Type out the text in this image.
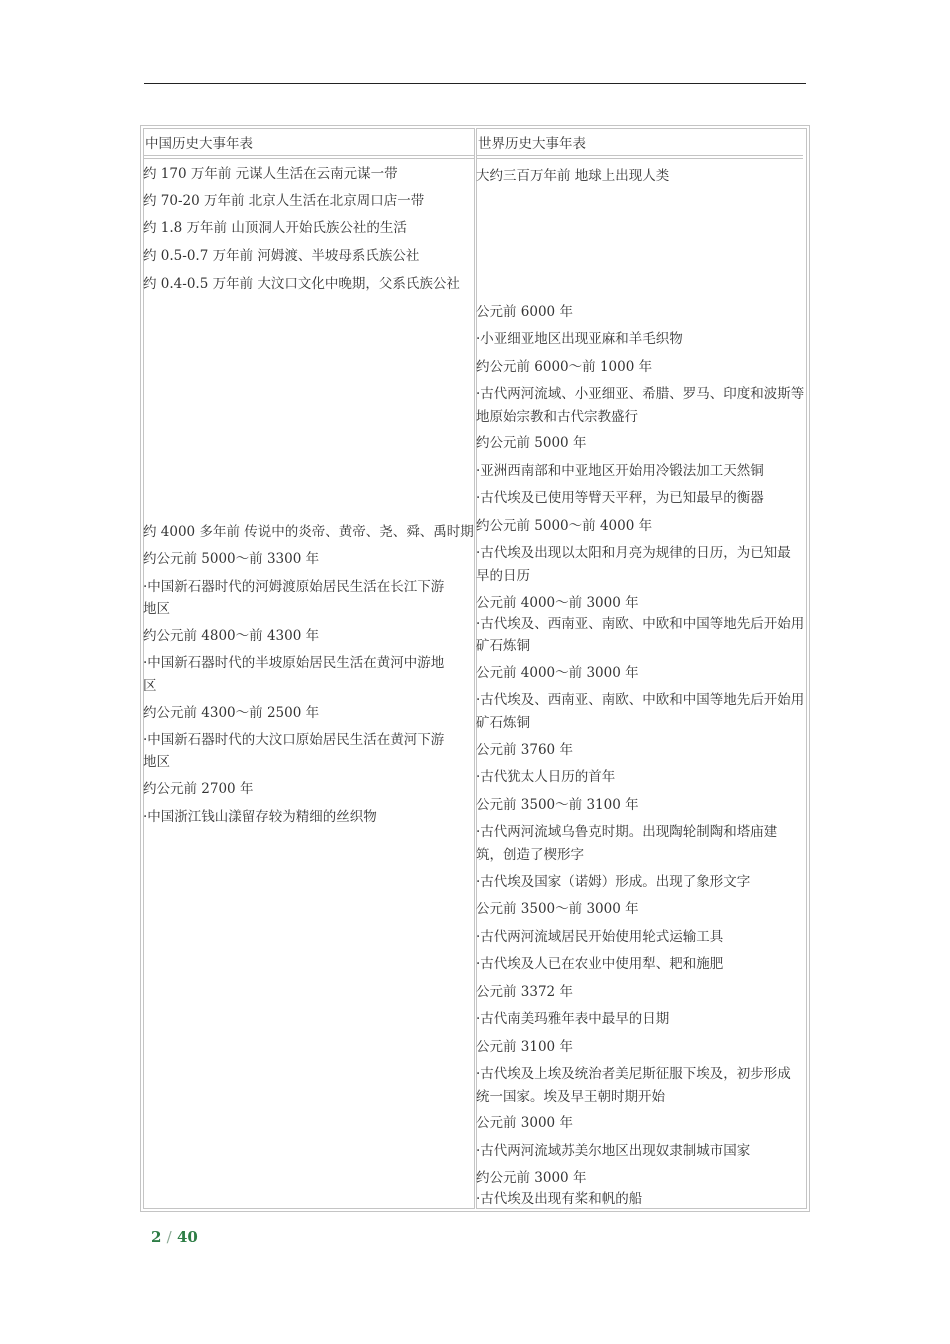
中国历史大事年表	世界历史大事年表
约 170 万年前 元谋人生活在云南元谋一带
约 70-20 万年前 北京人生活在北京周口店一带
约 1.8 万年前 山顶洞人开始氏族公社的生活
约 0.5-0.7 万年前 河姆渡、半坡母系氏族公社
约 0.4-0.5 万年前 大汶口文化中晚期，父系氏族公社
约 4000 多年前 传说中的炎帝、黄帝、尧、舜、禹时期
约公元前 5000～前 3300 年
·中国新石器时代的河姆渡原始居民生活在长江下游
地区
约公元前 4800～前 4300 年
·中国新石器时代的半坡原始居民生活在黄河中游地
区
约公元前 4300～前 2500 年
·中国新石器时代的大汶口原始居民生活在黄河下游
地区
约公元前 2700 年
·中国浙江钱山漾留存较为精细的丝织物
大约三百万年前 地球上出现人类
公元前 6000 年
·小亚细亚地区出现亚麻和羊毛织物
约公元前 6000～前 1000 年
·古代两河流域、小亚细亚、希腊、罗马、印度和波斯等
地原始宗教和古代宗教盛行
约公元前 5000 年
·亚洲西南部和中亚地区开始用冷锻法加工天然铜
·古代埃及已使用等臂天平秤，为已知最早的衡器
约公元前 5000～前 4000 年
·古代埃及出现以太阳和月亮为规律的日历，为已知最
早的日历
公元前 4000～前 3000 年
·古代埃及、西南亚、南欧、中欧和中国等地先后开始用
矿石炼铜
公元前 4000～前 3000 年
·古代埃及、西南亚、南欧、中欧和中国等地先后开始用
矿石炼铜
公元前 3760 年
·古代犹太人日历的首年
公元前 3500～前 3100 年
·古代两河流域乌鲁克时期。出现陶轮制陶和塔庙建
筑，创造了楔形字
·古代埃及国家（诺姆）形成。出现了象形文字
公元前 3500～前 3000 年
·古代两河流域居民开始使用轮式运输工具
·古代埃及人已在农业中使用犁、耙和施肥
公元前 3372 年
·古代南美玛雅年表中最早的日期
公元前 3100 年
·古代埃及上埃及统治者美尼斯征服下埃及，初步形成
统一国家。埃及早王朝时期开始
公元前 3000 年
·古代两河流域苏美尔地区出现奴隶制城市国家
约公元前 3000 年
·古代埃及出现有桨和帆的船
2 / 40
